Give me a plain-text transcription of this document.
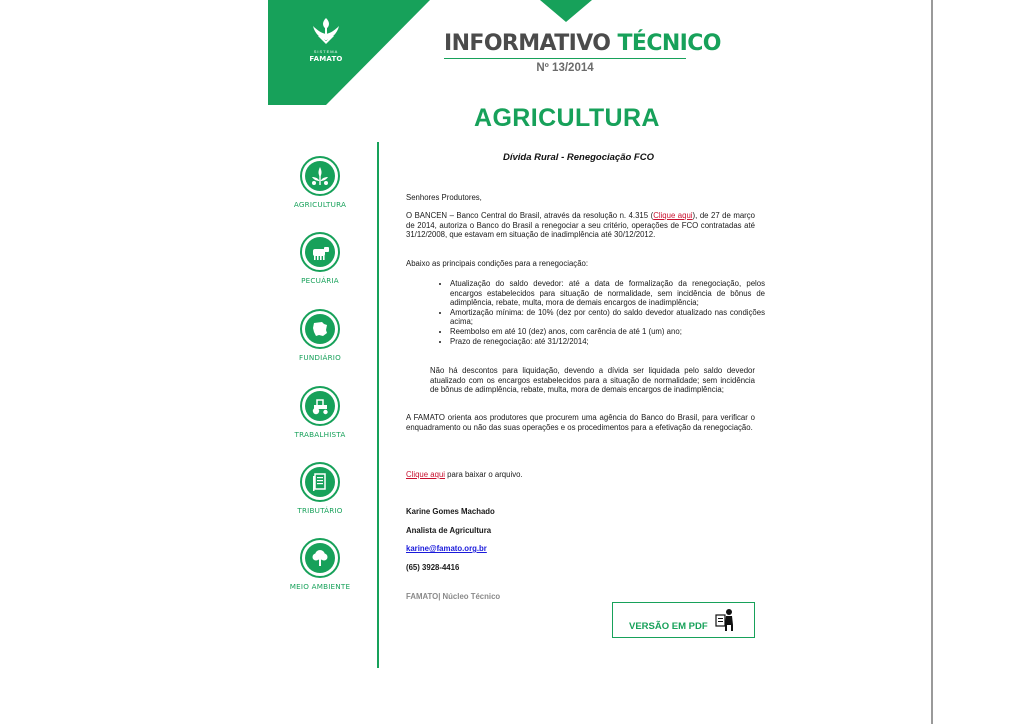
SISTEMA
FAMATO
INFORMATIVO TÉCNICO
Nº 13/2014
AGRICULTURA
Dívida Rural - Renegociação FCO
AGRICULTURA
PECUÁRIA
FUNDIÁRIO
TRABALHISTA
TRIBUTÁRIO
MEIO AMBIENTE

Senhores Produtores,

O BANCEN – Banco Central do Brasil, através da resolução n. 4.315 (Clique aqui), de 27 de março de 2014, autoriza o Banco do Brasil a renegociar a seu critério, operações de FCO contratadas até 31/12/2008, que estavam em situação de inadimplência até 30/12/2012.

Abaixo as principais condições para a renegociação:

• Atualização do saldo devedor: até a data de formalização da renegociação, pelos encargos estabelecidos para situação de normalidade, sem incidência de bônus de adimplência, rebate, multa, mora de demais encargos de inadimplência;
• Amortização mínima: de 10% (dez por cento) do saldo devedor atualizado nas condições acima;
• Reembolso em até 10 (dez) anos, com carência de até 1 (um) ano;
• Prazo de renegociação: até 31/12/2014;

Não há descontos para liquidação, devendo a dívida ser liquidada pelo saldo devedor atualizado com os encargos estabelecidos para a situação de normalidade; sem incidência de bônus de adimplência, rebate, multa, mora de demais encargos de inadimplência;

A FAMATO orienta aos produtores que procurem uma agência do Banco do Brasil, para verificar o enquadramento ou não das suas operações e os procedimentos para a efetivação da renegociação.

Clique aqui para baixar o arquivo.

Karine Gomes Machado

Analista de Agricultura

karine@famato.org.br

(65) 3928-4416

FAMATO| Núcleo Técnico

VERSÃO EM PDF
